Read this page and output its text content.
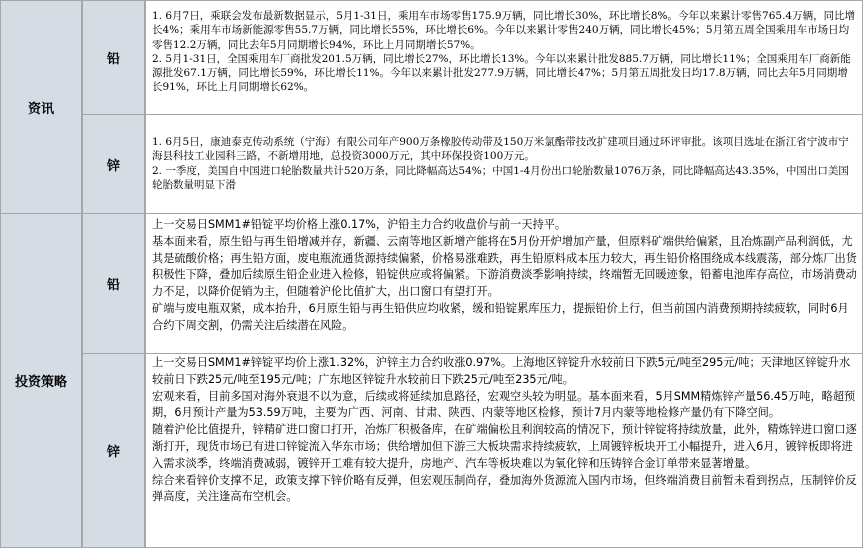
资讯
铅

1. 6月7日，乘联会发布最新数据显示，5月1-31日，乘用车市场零售175.9万辆，同比增长30%，环比增长8%。今年以来累计零售765.4万辆，同比增长4%；乘用车市场新能源零售55.7万辆，同比增长55%，环比增长6%。今年以来累计零售240万辆，同比增长45%；5月第五周全国乘用车市场日均零售12.2万辆，同比去年5月同期增长94%，环比上月同期增长57%。

2. 5月1-31日，全国乘用车厂商批发201.5万辆，同比增长27%，环比增长13%。今年以来累计批发885.7万辆，同比增长11%；全国乘用车厂商新能源批发67.1万辆，同比增长59%，环比增长11%。今年以来累计批发277.9万辆，同比增长47%；5月第五周批发日均17.8万辆，同比去年5月同期增长91%，环比上月同期增长62%。

锌

1. 6月5日，康迪泰克传动系统（宁海）有限公司年产900万条橡胶传动带及150万米氯酯带技改扩建项目通过环评审批。该项目选址在浙江省宁波市宁海县科技工业园科三路，不新增用地，总投资3000万元，其中环保投资100万元。

2. 一季度，美国自中国进口轮胎数量共计520万条，同比降幅高达54%；中国1-4月份出口轮胎数量1076万条，同比降幅高达43.35%，中国出口美国轮胎数量明显下滑

投资策略
铅

上一交易日SMM1#铅锭平均价格上涨0.17%，沪铅主力合约收盘价与前一天持平。

基本面来看，原生铅与再生铅增减并存，新疆、云南等地区新增产能将在5月份开炉增加产量，但原料矿端供给偏紧，且冶炼副产品利润低，尤其是硫酸价格；再生铅方面，废电瓶流通货源持续偏紧，价格易涨难跌，再生铅原料成本压力较大，再生铅价格围绕成本线震荡，部分炼厂出货积极性下降，叠加后续原生铅企业进入检修，铅锭供应或将偏紧。下游消费淡季影响持续，终端暂无回暖迹象，铅蓄电池库存高位，市场消费动力不足，以降价促销为主，但随着沪伦比值扩大，出口窗口有望打开。

矿端与废电瓶双紧，成本抬升，6月原生铅与再生铅供应均收紧，缓和铅锭累库压力，提振铅价上行，但当前国内消费预期持续疲软，同时6月合约下周交割，仍需关注后续潜在风险。

锌

上一交易日SMM1#锌锭平均价上涨1.32%，沪锌主力合约收涨0.97%。上海地区锌锭升水较前日下跌5元/吨至295元/吨；天津地区锌锭升水较前日下跌25元/吨至195元/吨；广东地区锌锭升水较前日下跌25元/吨至235元/吨。

宏观来看，目前多国对海外衰退不以为意，后续或将延续加息路径，宏观空头较为明显。基本面来看，5月SMM精炼锌产量56.45万吨，略超预期，6月预计产量为53.59万吨，主要为广西、河南、甘肃、陕西、内蒙等地区检修，预计7月内蒙等地检修产量仍有下降空间。

随着沪伦比值提升，锌精矿进口窗口打开，冶炼厂积极备库，在矿端偏松且利润较高的情况下，预计锌锭将持续放量，此外，精炼锌进口窗口逐渐打开，现货市场已有进口锌锭流入华东市场；供给增加但下游三大板块需求持续疲软，上周镀锌板块开工小幅提升，进入6月，镀锌板即将进入需求淡季，终端消费减弱，镀锌开工难有较大提升，房地产、汽车等板块难以为氧化锌和压铸锌合金订单带来显著增量。

综合来看锌价支撑不足，政策支撑下锌价略有反弹，但宏观压制尚存，叠加海外货源流入国内市场，但终端消费目前暂未看到拐点，压制锌价反弹高度，关注逢高布空机会。
